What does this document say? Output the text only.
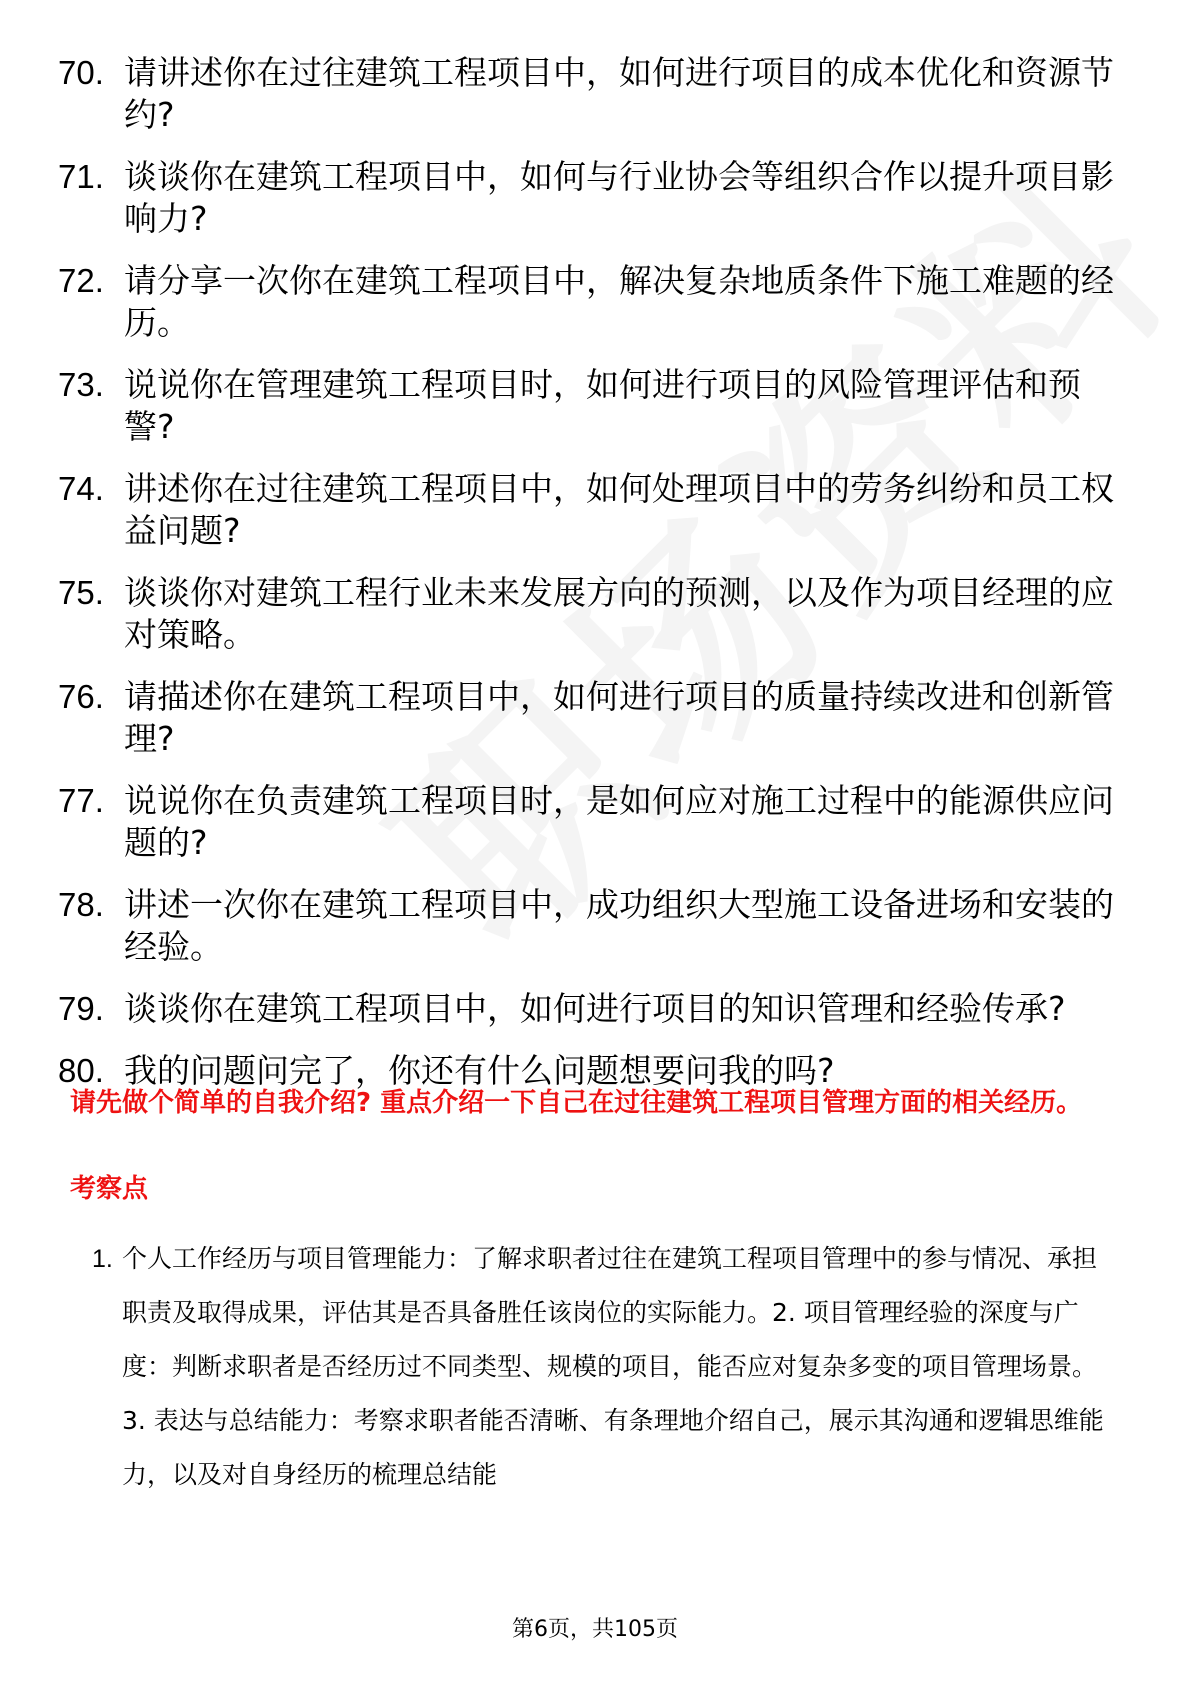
70. 请讲述你在过往建筑工程项目中，如何进行项目的成本优化和资源节约?
71. 谈谈你在建筑工程项目中，如何与行业协会等组织合作以提升项目影响力?
72. 请分享一次你在建筑工程项目中，解决复杂地质条件下施工难题的经历。
73. 说说你在管理建筑工程项目时，如何进行项目的风险管理评估和预警?
74. 讲述你在过往建筑工程项目中，如何处理项目中的劳务纠纷和员工权益问题?
75. 谈谈你对建筑工程行业未来发展方向的预测，以及作为项目经理的应对策略。
76. 请描述你在建筑工程项目中，如何进行项目的质量持续改进和创新管理?
77. 说说你在负责建筑工程项目时，是如何应对施工过程中的能源供应问题的?
78. 讲述一次你在建筑工程项目中，成功组织大型施工设备进场和安装的经验。
79. 谈谈你在建筑工程项目中，如何进行项目的知识管理和经验传承?
80. 我的问题问完了，你还有什么问题想要问我的吗?
请先做个简单的自我介绍? 重点介绍一下自己在过往建筑工程项目管理方面的相关经历。
考察点
1. 个人工作经历与项目管理能力：了解求职者过往在建筑工程项目管理中的参与情况、承担职责及取得成果，评估其是否具备胜任该岗位的实际能力。2. 项目管理经验的深度与广度：判断求职者是否经历过不同类型、规模的项目，能否应对复杂多变的项目管理场景。3. 表达与总结能力：考察求职者能否清晰、有条理地介绍自己，展示其沟通和逻辑思维能力，以及对自身经历的梳理总结能
第6页，共105页
